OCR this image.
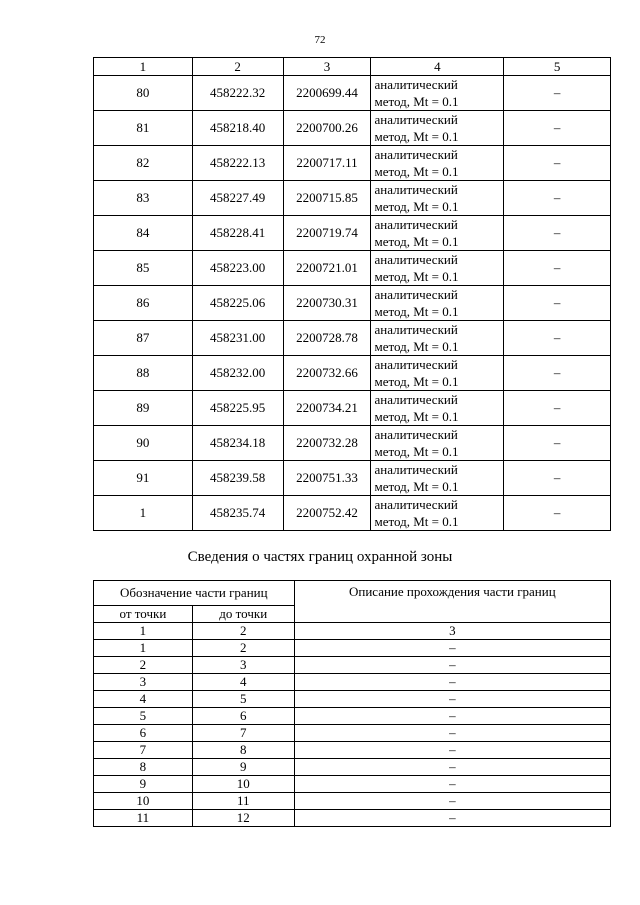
72
1	2	3	4	5
80	458222.32	2200699.44	аналитический
метод, Mt = 0.1	–
81	458218.40	2200700.26	аналитический
метод, Mt = 0.1	–
82	458222.13	2200717.11	аналитический
метод, Mt = 0.1	–
83	458227.49	2200715.85	аналитический
метод, Mt = 0.1	–
84	458228.41	2200719.74	аналитический
метод, Mt = 0.1	–
85	458223.00	2200721.01	аналитический
метод, Mt = 0.1	–
86	458225.06	2200730.31	аналитический
метод, Mt = 0.1	–
87	458231.00	2200728.78	аналитический
метод, Mt = 0.1	–
88	458232.00	2200732.66	аналитический
метод, Mt = 0.1	–
89	458225.95	2200734.21	аналитический
метод, Mt = 0.1	–
90	458234.18	2200732.28	аналитический
метод, Mt = 0.1	–
91	458239.58	2200751.33	аналитический
метод, Mt = 0.1	–
1	458235.74	2200752.42	аналитический
метод, Mt = 0.1	–
Сведения о частях границ охранной зоны
Обозначение части границ		Описание прохождения части границ
от точки	до точки	
1	2	3
1	2	–
2	3	–
3	4	–
4	5	–
5	6	–
6	7	–
7	8	–
8	9	–
9	10	–
10	11	–
11	12	–
